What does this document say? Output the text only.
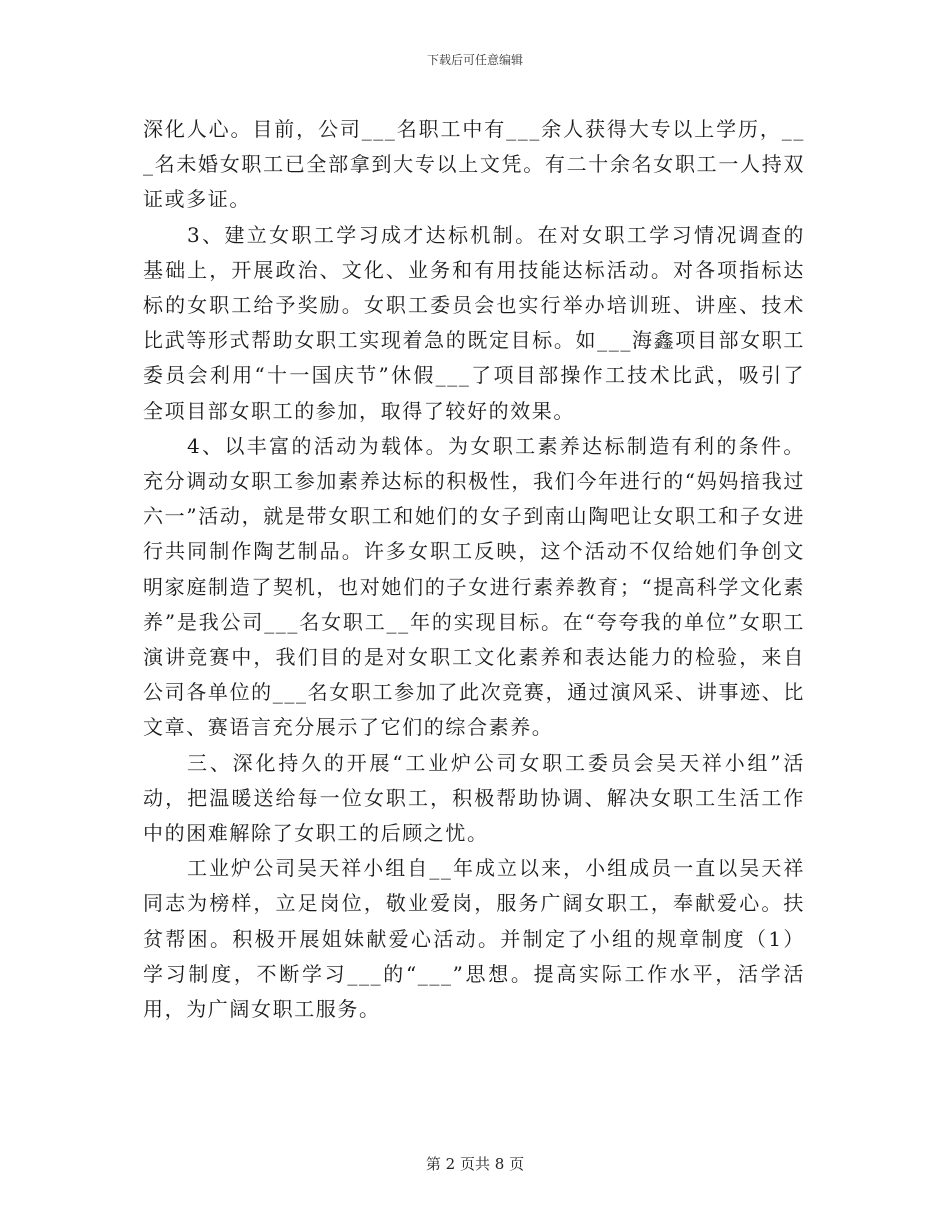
下载后可任意编辑

深化人心。目前，公司___名职工中有___余人获得大专以上学历，___名未婚女职工已全部拿到大专以上文凭。有二十余名女职工一人持双证或多证。

3、建立女职工学习成才达标机制。在对女职工学习情况调查的基础上，开展政治、文化、业务和有用技能达标活动。对各项指标达标的女职工给予奖励。女职工委员会也实行举办培训班、讲座、技术比武等形式帮助女职工实现着急的既定目标。如___海鑫项目部女职工委员会利用“十一国庆节”休假___了项目部操作工技术比武，吸引了全项目部女职工的参加，取得了较好的效果。

4、以丰富的活动为载体。为女职工素养达标制造有利的条件。充分调动女职工参加素养达标的积极性，我们今年进行的“妈妈揞我过六一”活动，就是带女职工和她们的女子到南山陶吧让女职工和子女进行共同制作陶艺制品。许多女职工反映，这个活动不仅给她们争创文明家庭制造了契机，也对她们的子女进行素养教育；“提高科学文化素养”是我公司___名女职工__年的实现目标。在“夸夸我的单位”女职工演讲竞赛中，我们目的是对女职工文化素养和表达能力的检验，来自公司各单位的___名女职工参加了此次竞赛，通过演风采、讲事迹、比文章、赛语言充分展示了它们的综合素养。

三、深化持久的开展“工业炉公司女职工委员会吴天祥小组”活动，把温暖送给每一位女职工，积极帮助协调、解决女职工生活工作中的困难解除了女职工的后顾之忧。

工业炉公司吴天祥小组自__年成立以来，小组成员一直以吴天祥同志为榜样，立足岗位，敬业爱岗，服务广阔女职工，奉献爱心。扶贫帮困。积极开展姐妹献爱心活动。并制定了小组的规章制度（1）学习制度，不断学习___的“___”思想。提高实际工作水平，活学活用，为广阔女职工服务。

第 2 页共 8 页
